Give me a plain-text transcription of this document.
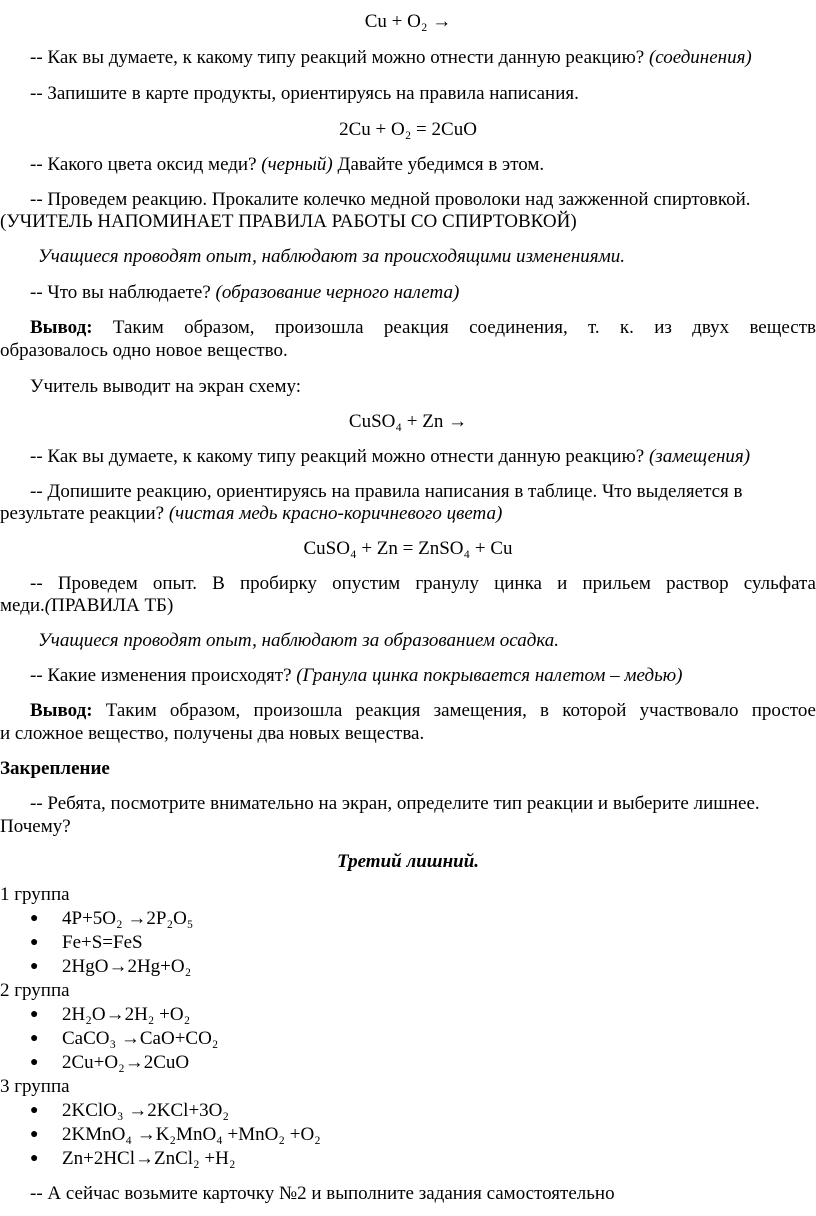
Cu + O₂ →
-- Как вы думаете, к какому типу реакций можно отнести данную реакцию? (соединения)
-- Запишите в карте продукты, ориентируясь на правила написания.
2Cu + O₂ = 2CuO
-- Какого цвета оксид меди? (черный) Давайте убедимся в этом.
-- Проведем реакцию. Прокалите колечко медной проволоки над зажженной спиртовкой.
(УЧИТЕЛЬ НАПОМИНАЕТ ПРАВИЛА РАБОТЫ СО СПИРТОВКОЙ)
Учащиеся проводят опыт, наблюдают за происходящими изменениями.
-- Что вы наблюдаете? (образование черного налета)
Вывод: Таким образом, произошла реакция соединения, т. к. из двух веществ
образовалось одно новое вещество.
Учитель выводит на экран схему:
CuSO₄ + Zn →
-- Как вы думаете, к какому типу реакций можно отнести данную реакцию? (замещения)
-- Допишите реакцию, ориентируясь на правила написания в таблице. Что выделяется в
результате реакции? (чистая медь красно-коричневого цвета)
CuSO₄ + Zn = ZnSO₄ + Cu
-- Проведем опыт. В пробирку опустим гранулу цинка и прильем раствор сульфата
меди.(ПРАВИЛА ТБ)
Учащиеся проводят опыт, наблюдают за образованием осадка.
-- Какие изменения происходят? (Гранула цинка покрывается налетом – медью)
Вывод: Таким образом, произошла реакция замещения, в которой участвовало простое
и сложное вещество, получены два новых вещества.
Закрепление
-- Ребята, посмотрите внимательно на экран, определите тип реакции и выберите лишнее.
Почему?
Третий лишний.
1 группа
● 4P+5O₂ →2P₂O₅
● Fe+S=FeS
● 2HgO→2Hg+O₂
2 группа
● 2H₂O→2H₂ +O₂
● CaCO₃ →CaO+CO₂
● 2Cu+O₂→2CuO
3 группа
● 2KClO₃ →2KCl+3O₂
● 2KMnO₄ →K₂MnO₄ +MnO₂ +O₂
● Zn+2HCl→ZnCl₂ +H₂
-- А сейчас возьмите карточку №2 и выполните задания самостоятельно
